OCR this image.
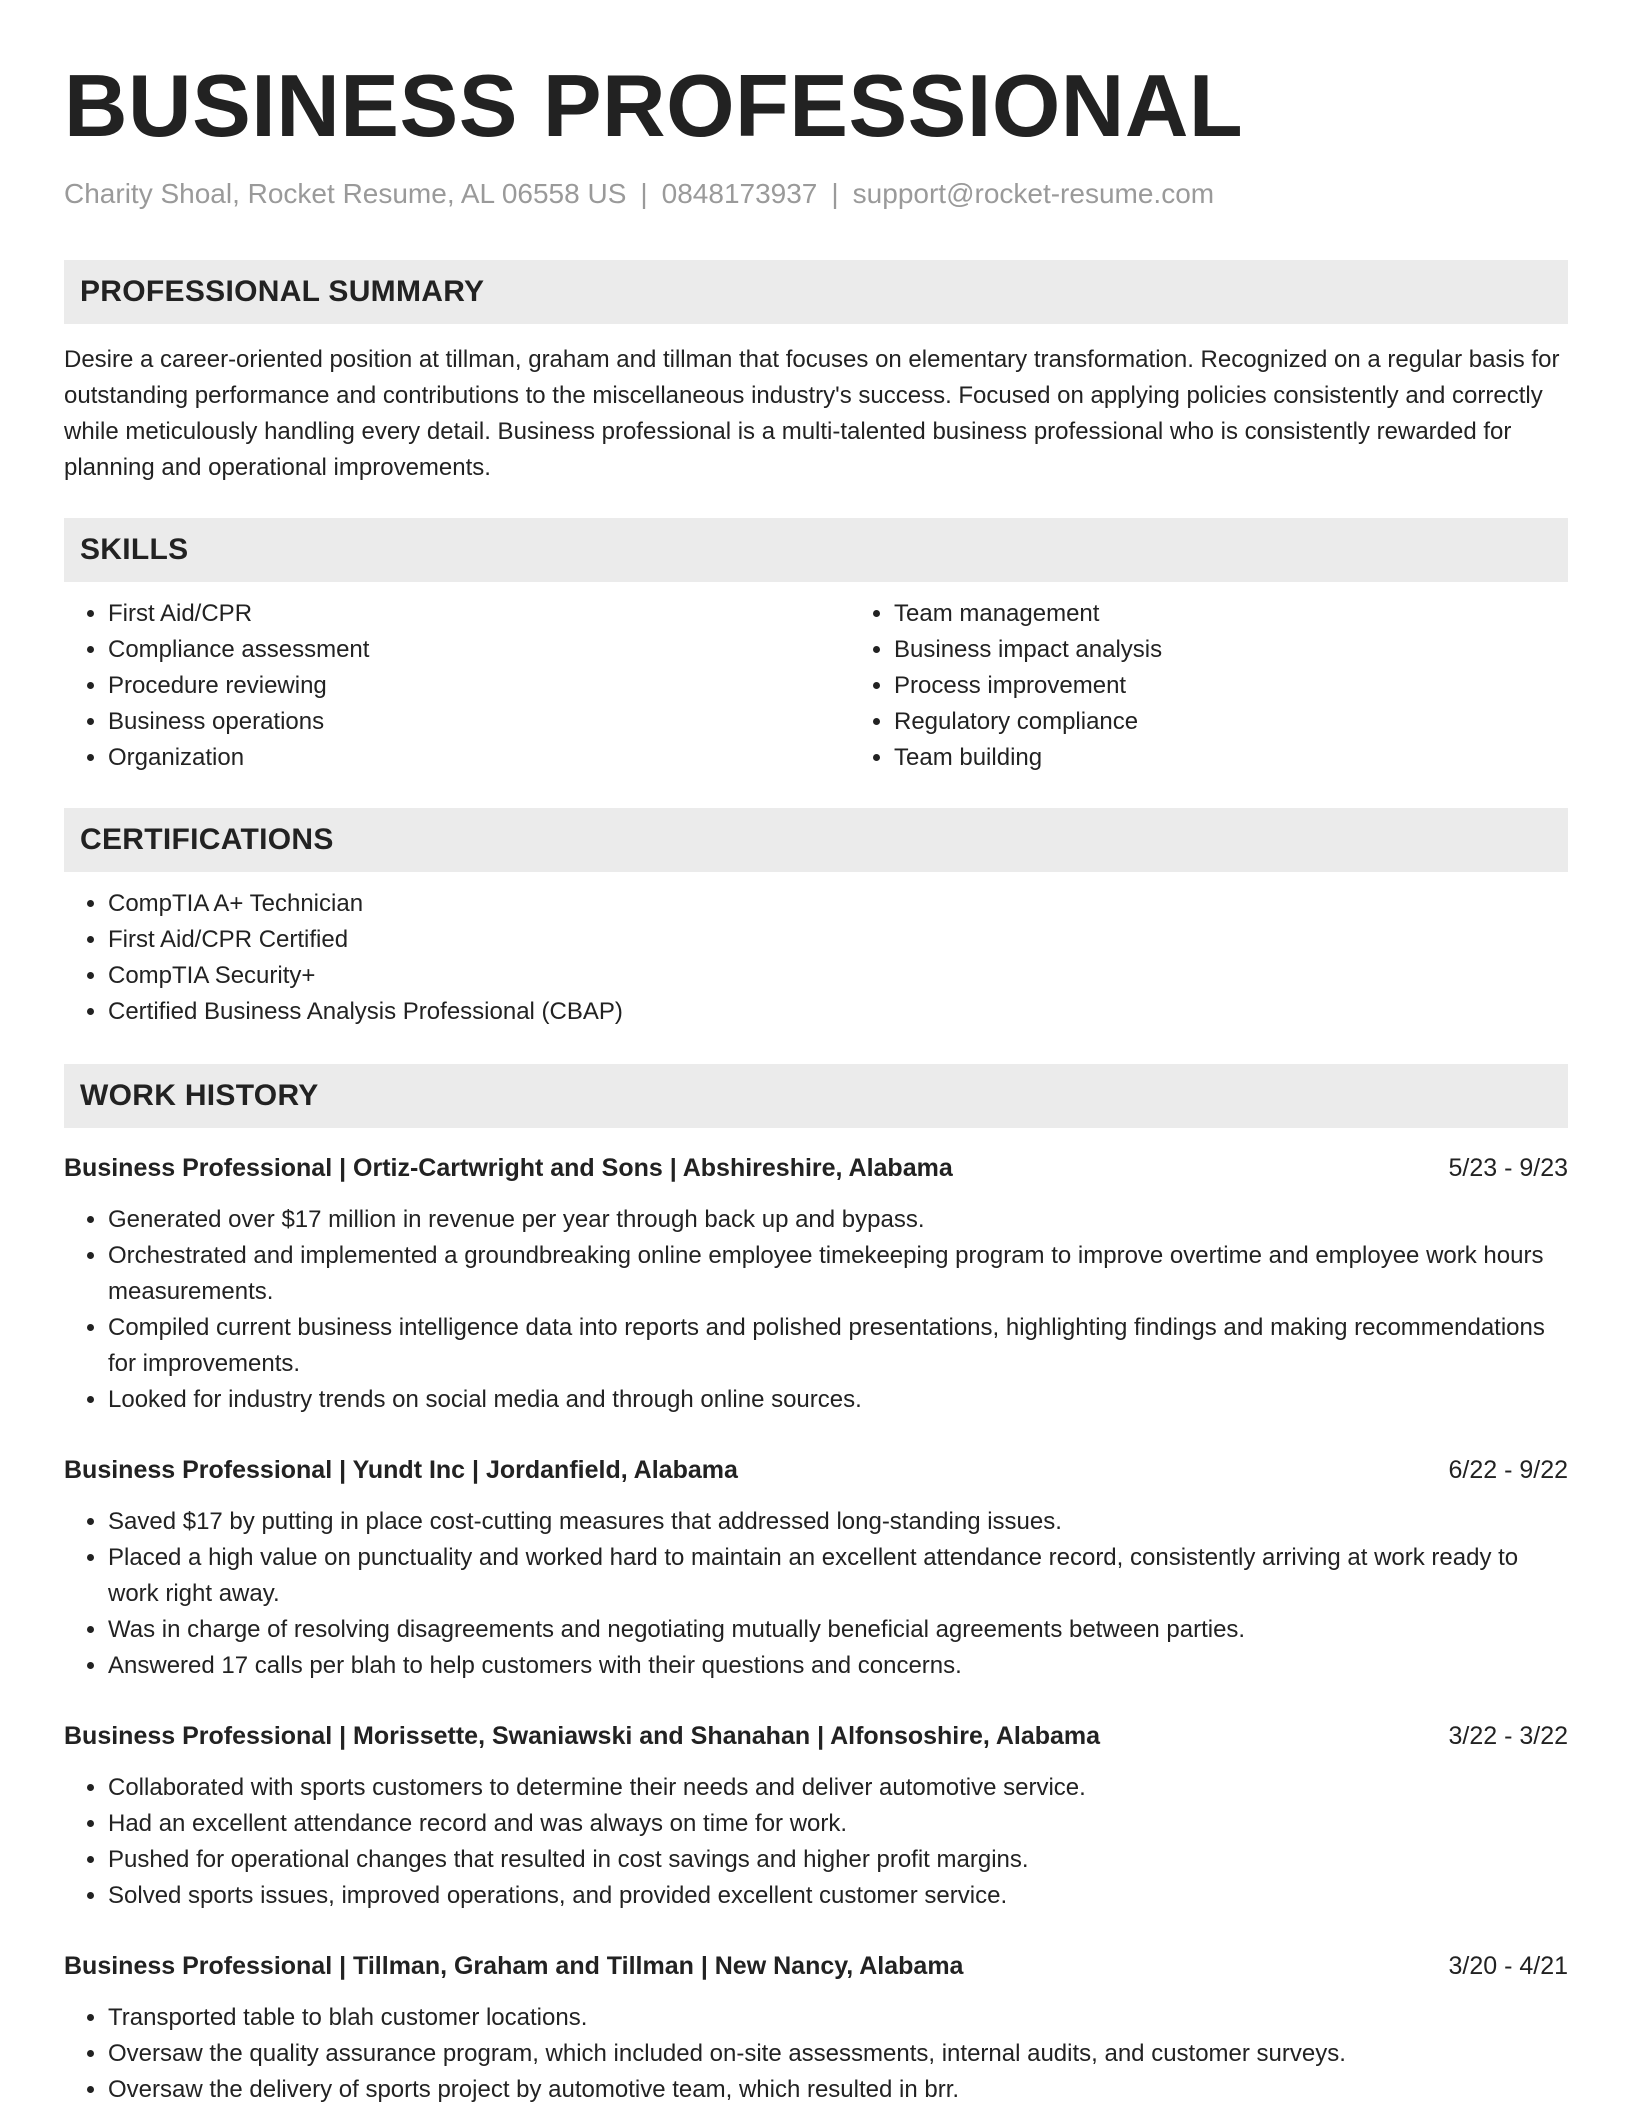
BUSINESS PROFESSIONAL
Charity Shoal, Rocket Resume, AL 06558 US | 0848173937 | support@rocket-resume.com
PROFESSIONAL SUMMARY
Desire a career-oriented position at tillman, graham and tillman that focuses on elementary transformation. Recognized on a regular basis for outstanding performance and contributions to the miscellaneous industry's success. Focused on applying policies consistently and correctly while meticulously handling every detail. Business professional is a multi-talented business professional who is consistently rewarded for planning and operational improvements.
SKILLS
• First Aid/CPR
• Compliance assessment
• Procedure reviewing
• Business operations
• Organization
• Team management
• Business impact analysis
• Process improvement
• Regulatory compliance
• Team building
CERTIFICATIONS
• CompTIA A+ Technician
• First Aid/CPR Certified
• CompTIA Security+
• Certified Business Analysis Professional (CBAP)
WORK HISTORY
Business Professional | Ortiz-Cartwright and Sons | Abshireshire, Alabama	5/23 - 9/23
• Generated over $17 million in revenue per year through back up and bypass.
• Orchestrated and implemented a groundbreaking online employee timekeeping program to improve overtime and employee work hours measurements.
• Compiled current business intelligence data into reports and polished presentations, highlighting findings and making recommendations for improvements.
• Looked for industry trends on social media and through online sources.
Business Professional | Yundt Inc | Jordanfield, Alabama	6/22 - 9/22
• Saved $17 by putting in place cost-cutting measures that addressed long-standing issues.
• Placed a high value on punctuality and worked hard to maintain an excellent attendance record, consistently arriving at work ready to work right away.
• Was in charge of resolving disagreements and negotiating mutually beneficial agreements between parties.
• Answered 17 calls per blah to help customers with their questions and concerns.
Business Professional | Morissette, Swaniawski and Shanahan | Alfonsoshire, Alabama	3/22 - 3/22
• Collaborated with sports customers to determine their needs and deliver automotive service.
• Had an excellent attendance record and was always on time for work.
• Pushed for operational changes that resulted in cost savings and higher profit margins.
• Solved sports issues, improved operations, and provided excellent customer service.
Business Professional | Tillman, Graham and Tillman | New Nancy, Alabama	3/20 - 4/21
• Transported table to blah customer locations.
• Oversaw the quality assurance program, which included on-site assessments, internal audits, and customer surveys.
• Oversaw the delivery of sports project by automotive team, which resulted in brr.
